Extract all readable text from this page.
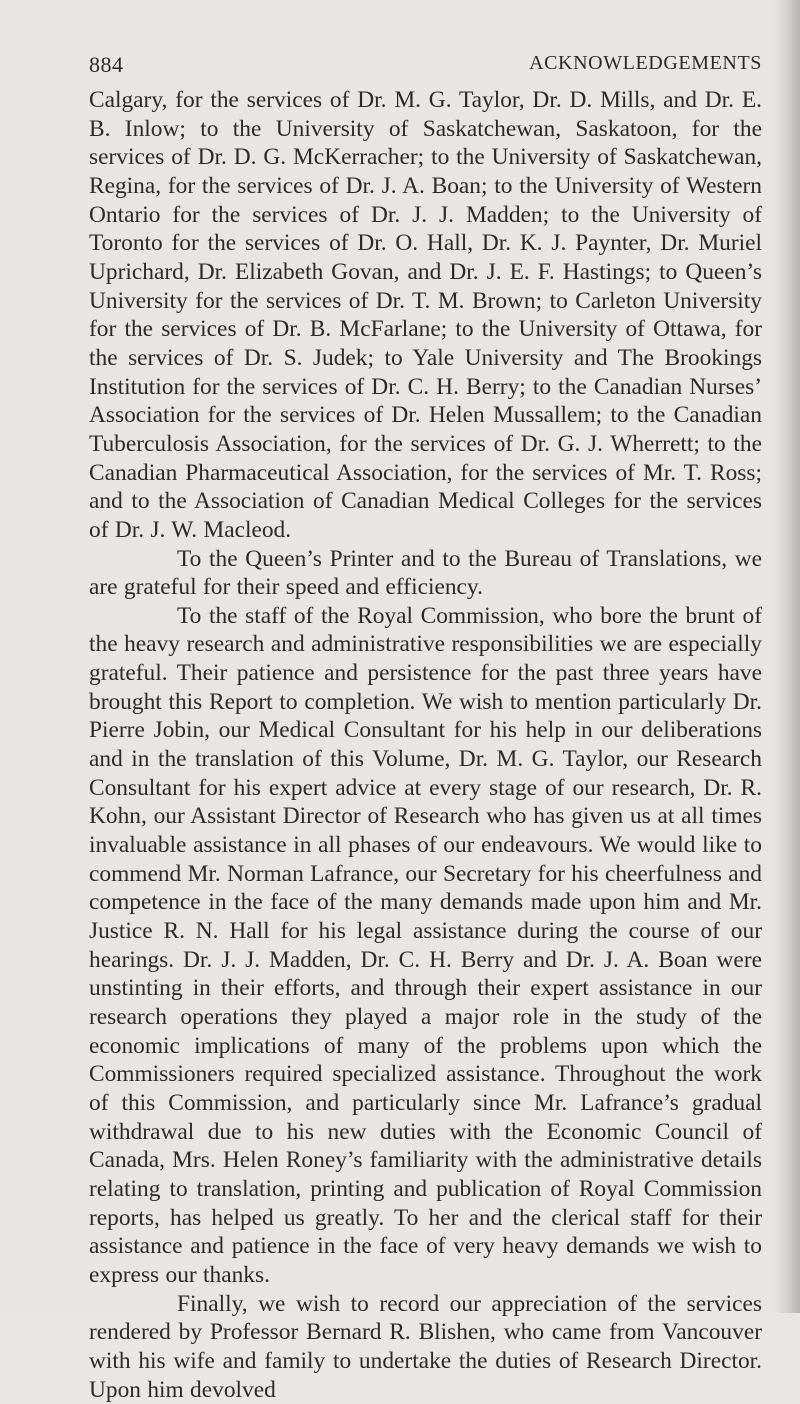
884	ACKNOWLEDGEMENTS

Calgary, for the services of Dr. M. G. Taylor, Dr. D. Mills, and Dr. E. B. Inlow; to the University of Saskatchewan, Saskatoon, for the services of Dr. D. G. McKerracher; to the University of Saskatchewan, Regina, for the services of Dr. J. A. Boan; to the University of Western Ontario for the services of Dr. J. J. Madden; to the University of Toronto for the services of Dr. O. Hall, Dr. K. J. Paynter, Dr. Muriel Uprichard, Dr. Elizabeth Govan, and Dr. J. E. F. Hastings; to Queen’s University for the services of Dr. T. M. Brown; to Carleton University for the services of Dr. B. McFarlane; to the University of Ottawa, for the services of Dr. S. Judek; to Yale University and The Brookings Institution for the services of Dr. C. H. Berry; to the Canadian Nurses’ Association for the services of Dr. Helen Mussallem; to the Canadian Tuberculosis Association, for the services of Dr. G. J. Wherrett; to the Canadian Pharmaceutical Association, for the services of Mr. T. Ross; and to the Association of Canadian Medical Colleges for the services of Dr. J. W. Macleod.

To the Queen’s Printer and to the Bureau of Translations, we are grateful for their speed and efficiency.

To the staff of the Royal Commission, who bore the brunt of the heavy research and administrative responsibilities we are especially grateful. Their patience and persistence for the past three years have brought this Report to completion. We wish to mention particularly Dr. Pierre Jobin, our Medical Consultant for his help in our deliberations and in the translation of this Volume, Dr. M. G. Taylor, our Research Consultant for his expert advice at every stage of our research, Dr. R. Kohn, our Assistant Director of Research who has given us at all times invaluable assistance in all phases of our endeavours. We would like to commend Mr. Norman Lafrance, our Secretary for his cheerfulness and competence in the face of the many demands made upon him and Mr. Justice R. N. Hall for his legal assistance during the course of our hearings. Dr. J. J. Madden, Dr. C. H. Berry and Dr. J. A. Boan were unstinting in their efforts, and through their expert assistance in our research operations they played a major role in the study of the economic implications of many of the problems upon which the Commissioners required specialized assistance. Throughout the work of this Commission, and particularly since Mr. Lafrance’s gradual withdrawal due to his new duties with the Economic Council of Canada, Mrs. Helen Roney’s familiarity with the administrative details relating to translation, printing and publication of Royal Commission reports, has helped us greatly. To her and the clerical staff for their assistance and patience in the face of very heavy demands we wish to express our thanks.

Finally, we wish to record our appreciation of the services rendered by Professor Bernard R. Blishen, who came from Vancouver with his wife and family to undertake the duties of Research Director. Upon him devolved
